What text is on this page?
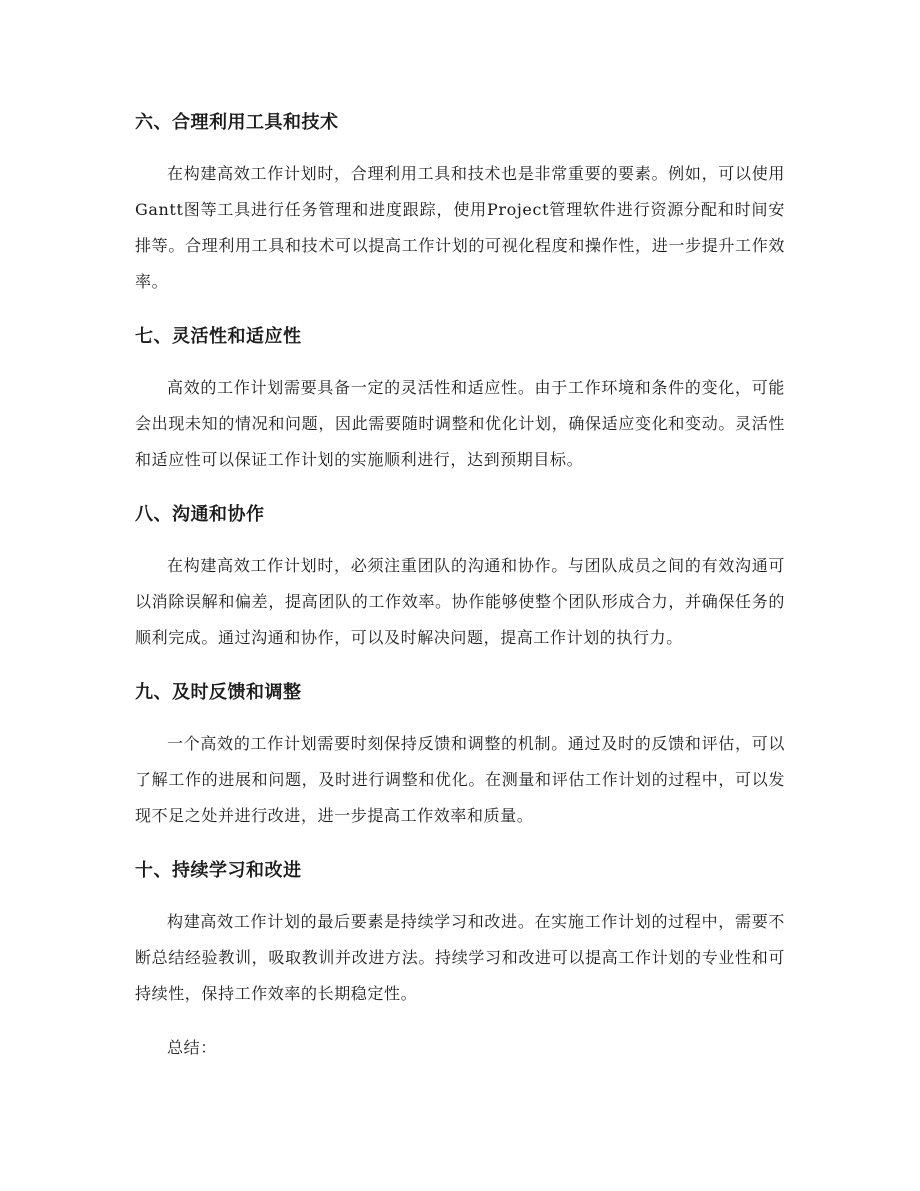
六、合理利用工具和技术

在构建高效工作计划时，合理利用工具和技术也是非常重要的要素。例如，可以使用Gantt图等工具进行任务管理和进度跟踪，使用Project管理软件进行资源分配和时间安排等。合理利用工具和技术可以提高工作计划的可视化程度和操作性，进一步提升工作效率。

七、灵活性和适应性

高效的工作计划需要具备一定的灵活性和适应性。由于工作环境和条件的变化，可能会出现未知的情况和问题，因此需要随时调整和优化计划，确保适应变化和变动。灵活性和适应性可以保证工作计划的实施顺利进行，达到预期目标。

八、沟通和协作

在构建高效工作计划时，必须注重团队的沟通和协作。与团队成员之间的有效沟通可以消除误解和偏差，提高团队的工作效率。协作能够使整个团队形成合力，并确保任务的顺利完成。通过沟通和协作，可以及时解决问题，提高工作计划的执行力。

九、及时反馈和调整

一个高效的工作计划需要时刻保持反馈和调整的机制。通过及时的反馈和评估，可以了解工作的进展和问题，及时进行调整和优化。在测量和评估工作计划的过程中，可以发现不足之处并进行改进，进一步提高工作效率和质量。

十、持续学习和改进

构建高效工作计划的最后要素是持续学习和改进。在实施工作计划的过程中，需要不断总结经验教训，吸取教训并改进方法。持续学习和改进可以提高工作计划的专业性和可持续性，保持工作效率的长期稳定性。

总结：
